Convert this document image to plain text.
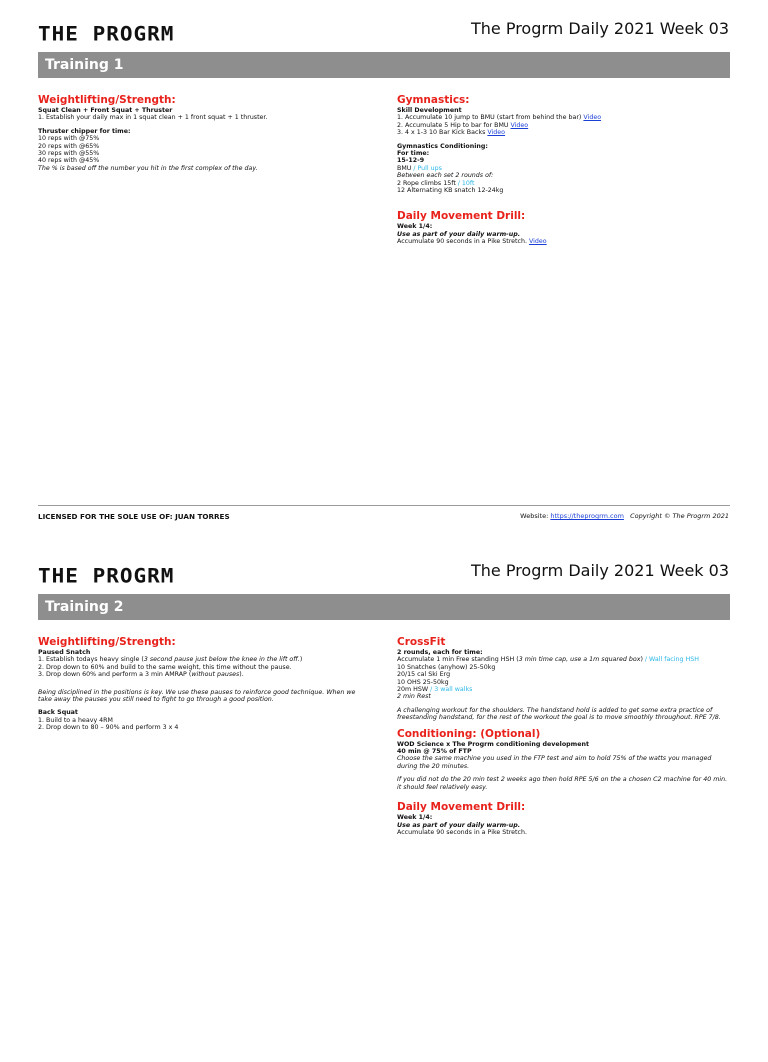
THE PROGRM	The Progrm Daily 2021 Week 03
Training 1
Weightlifting/Strength:
Squat Clean + Front Squat + Thruster
1. Establish your daily max in 1 squat clean + 1 front squat + 1 thruster.
Thruster chipper for time:
10 reps with @75%
20 reps with @65%
30 reps with @55%
40 reps with @45%
The % is based off the number you hit in the first complex of the day.
Gymnastics:
Skill Development
1. Accumulate 10 jump to BMU (start from behind the bar) Video
2. Accumulate 5 Hip to bar for BMU Video
3. 4 x 1-3 10 Bar Kick Backs Video
Gymnastics Conditioning:
For time:
15-12-9
BMU / Pull ups
Between each set 2 rounds of:
2 Rope climbs 15ft / 10ft
12 Alternating KB snatch 12-24kg
Daily Movement Drill:
Week 1/4:
Use as part of your daily warm-up.
Accumulate 90 seconds in a Pike Stretch. Video
LICENSED FOR THE SOLE USE OF: JUAN TORRES	Website: https://theprogrm.com Copyright © The Progrm 2021
THE PROGRM	The Progrm Daily 2021 Week 03
Training 2
Weightlifting/Strength:
Paused Snatch
1. Establish todays heavy single (3 second pause just below the knee in the lift off.)
2. Drop down to 60% and build to the same weight, this time without the pause.
3. Drop down 60% and perform a 3 min AMRAP (without pauses).
Being disciplined in the positions is key. We use these pauses to reinforce good technique. When we take away the pauses you still need to fight to go through a good position.
Back Squat
1. Build to a heavy 4RM
2. Drop down to 80 – 90% and perform 3 x 4
CrossFit
2 rounds, each for time:
Accumulate 1 min Free standing HSH (3 min time cap, use a 1m squared box) / Wall facing HSH
10 Snatches (anyhow) 25-50kg
20/15 cal Ski Erg
10 OHS 25-50kg
20m HSW / 3 wall walks
2 min Rest
A challenging workout for the shoulders. The handstand hold is added to get some extra practice of freestanding handstand, for the rest of the workout the goal is to move smoothly throughout. RPE 7/8.
Conditioning: (Optional)
WOD Science x The Progrm conditioning development
40 min @ 75% of FTP
Choose the same machine you used in the FTP test and aim to hold 75% of the watts you managed during the 20 minutes.
If you did not do the 20 min test 2 weeks ago then hold RPE 5/6 on the a chosen C2 machine for 40 min. it should feel relatively easy.
Daily Movement Drill:
Week 1/4:
Use as part of your daily warm-up.
Accumulate 90 seconds in a Pike Stretch.
